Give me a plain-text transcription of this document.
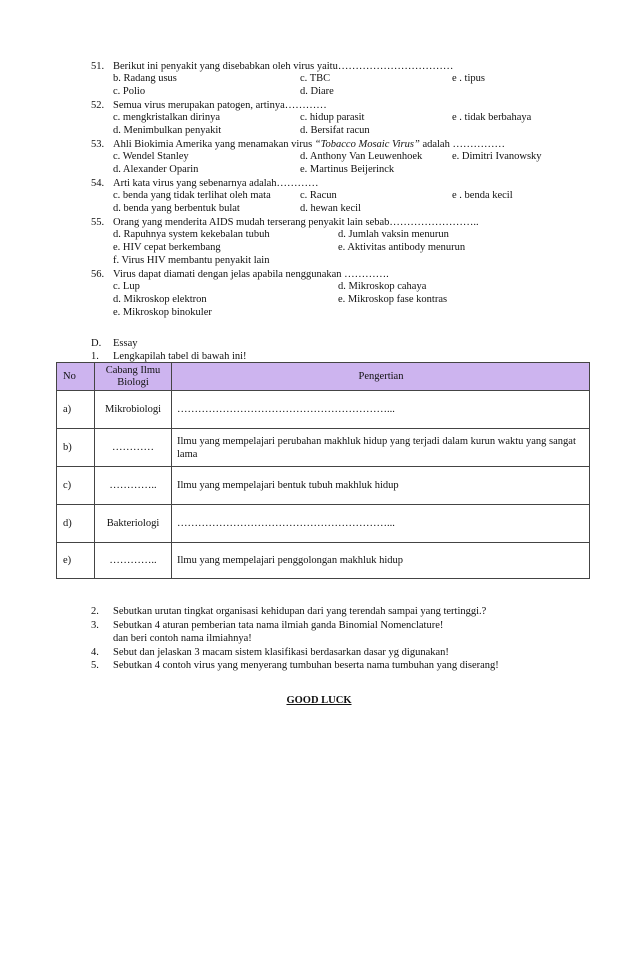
51. Berikut ini penyakit yang disebabkan oleh virus yaitu……………………………
b. Radang usus	c. TBC	e . tipus
c. Polio	d. Diare
52. Semua virus merupakan patogen, artinya…………
c. mengkristalkan dirinya	c. hidup parasit	e . tidak berbahaya
d. Menimbulkan penyakit	d. Bersifat racun
53. Ahli Biokimia Amerika yang menamakan virus “Tobacco Mosaic Virus” adalah ……………
c. Wendel Stanley	d. Anthony Van Leuwenhoek	e. Dimitri Ivanowsky
d. Alexander Oparin	e. Martinus Beijerinck
54. Arti kata virus yang sebenarnya adalah…………
c. benda yang tidak terlihat oleh mata	c. Racun	e . benda kecil
d. benda yang berbentuk bulat	d. hewan kecil
55. Orang yang menderita AIDS mudah terserang penyakit lain sebab……………………..
d. Rapuhnya system kekebalan tubuh	d. Jumlah vaksin menurun
e. HIV cepat berkembang	e. Aktivitas antibody menurun
f. Virus HIV membantu penyakit lain
56. Virus dapat diamati dengan jelas apabila nenggunakan ………….
c. Lup	d. Mikroskop cahaya
d. Mikroskop elektron	e. Mikroskop fase kontras
e. Mikroskop binokuler
D. Essay
1. Lengkapilah tabel di bawah ini!
No	Cabang Ilmu Biologi	Pengertian
a)	Mikrobiologi	……………………………………………………...
b)	…………	Ilmu yang mempelajari perubahan makhluk hidup yang terjadi dalam kurun waktu yang sangat lama
c)	…………..	Ilmu yang mempelajari bentuk tubuh makhluk hidup
d)	Bakteriologi	……………………………………………………...
e)	…………..	Ilmu yang mempelajari penggolongan makhluk hidup
2.	Sebutkan urutan tingkat organisasi kehidupan dari yang terendah sampai yang tertinggi.?
3.	Sebutkan 4 aturan pemberian tata nama ilmiah ganda Binomial Nomenclature!
dan beri contoh nama ilmiahnya!
4.	Sebut dan jelaskan 3 macam sistem klasifikasi berdasarkan dasar yg digunakan!
5.	Sebutkan 4 contoh virus yang menyerang tumbuhan beserta nama tumbuhan yang diserang!
GOOD LUCK
